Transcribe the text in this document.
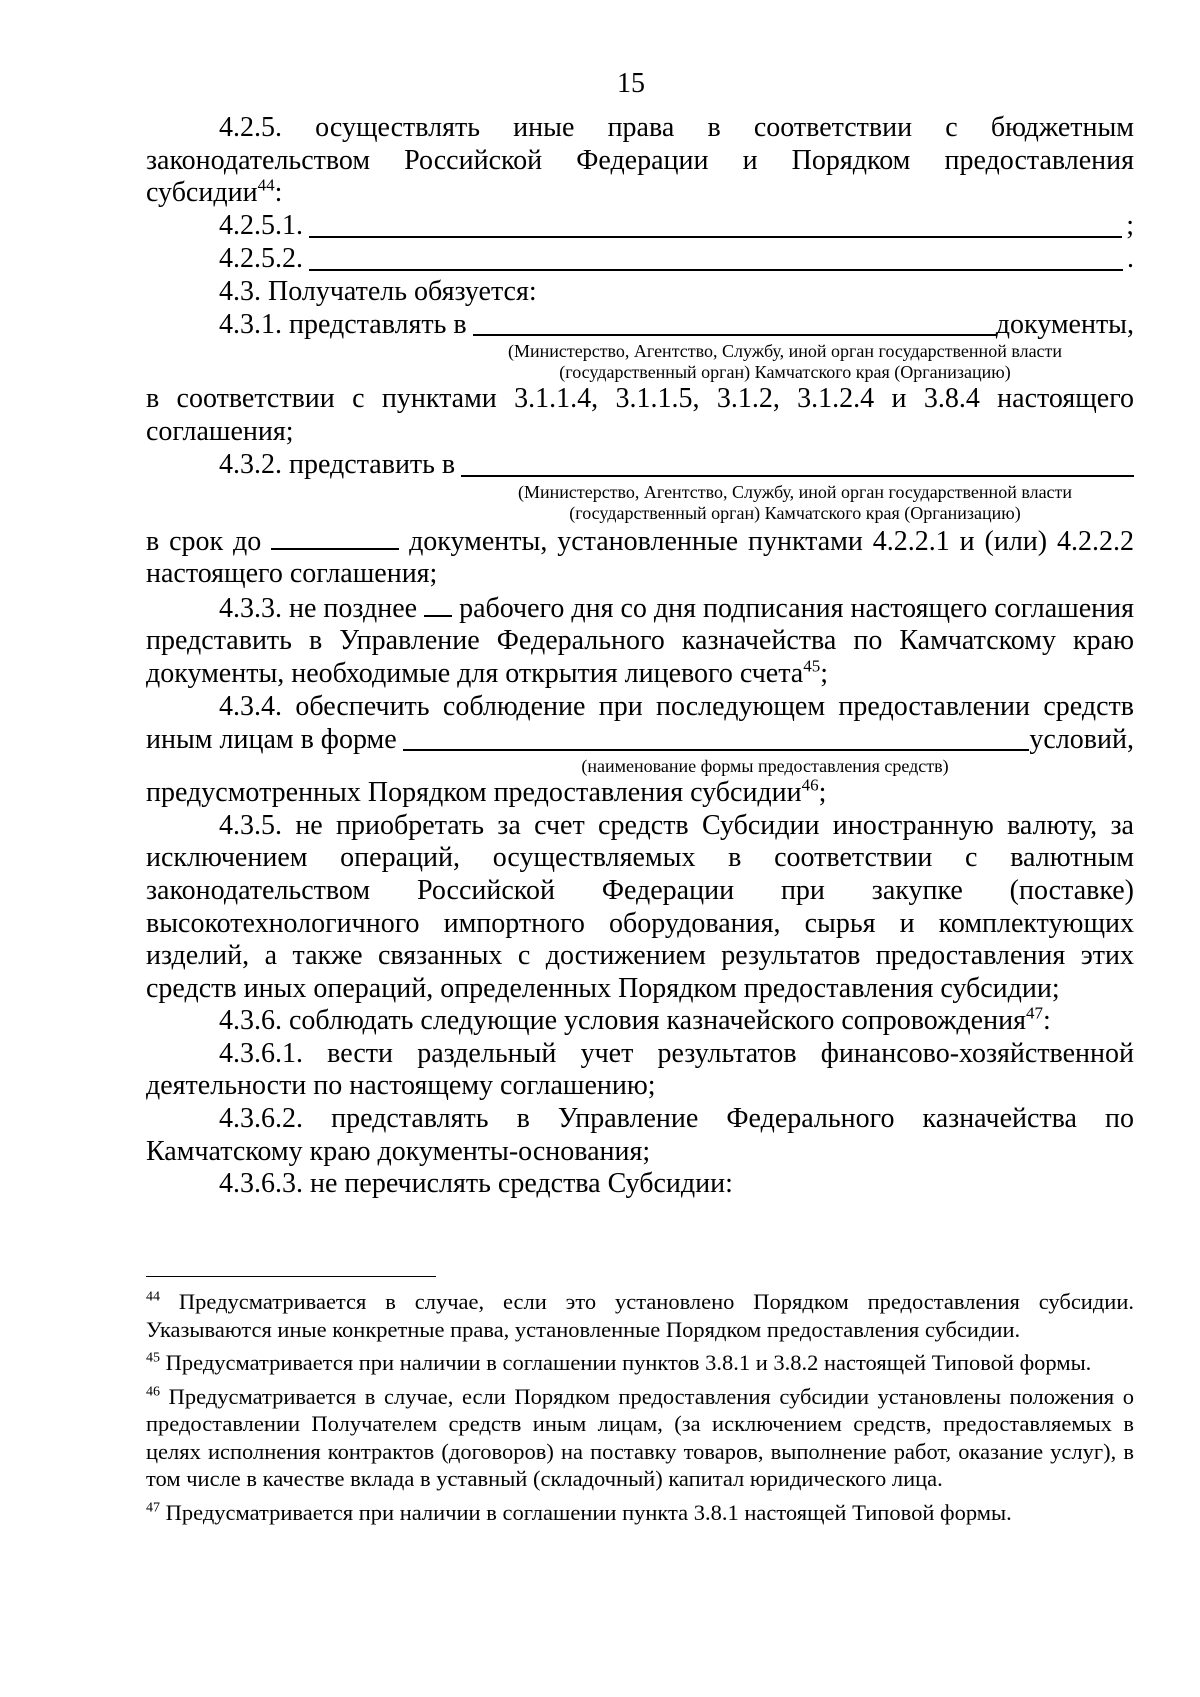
15

4.2.5. осуществлять иные права в соответствии с бюджетным законодательством Российской Федерации и Порядком предоставления субсидии$^{44}$:

4.2.5.1.	;
4.2.5.2.	.

4.3. Получатель обязуется:

4.3.1. представлять в	документы,
(Министерство, Агентство, Службу, иной орган государственной власти
(государственный орган) Камчатского края (Организацию)

в соответствии с пунктами 3.1.1.4, 3.1.1.5, 3.1.2, 3.1.2.4 и 3.8.4 настоящего соглашения;

4.3.2. представить в
(Министерство, Агентство, Службу, иной орган государственной власти
(государственный орган) Камчатского края (Организацию)

в срок до	документы, установленные пунктами 4.2.2.1 и (или) 4.2.2.2 настоящего соглашения;

4.3.3. не позднее рабочего дня со дня подписания настоящего соглашения представить в Управление Федерального казначейства по Камчатскому краю документы, необходимые для открытия лицевого счета$^{45}$;

4.3.4. обеспечить соблюдение при последующем предоставлении средств

иным лицам в форме	условий,
(наименование формы предоставления средств)

предусмотренных Порядком предоставления субсидии$^{46}$;

4.3.5. не приобретать за счет средств Субсидии иностранную валюту, за исключением операций, осуществляемых в соответствии с валютным законодательством Российской Федерации при закупке (поставке) высокотехнологичного импортного оборудования, сырья и комплектующих изделий, а также связанных с достижением результатов предоставления этих средств иных операций, определенных Порядком предоставления субсидии;

4.3.6. соблюдать следующие условия казначейского сопровождения$^{47}$:

4.3.6.1. вести раздельный учет результатов финансово-хозяйственной деятельности по настоящему соглашению;

4.3.6.2. представлять в Управление Федерального казначейства по Камчатскому краю документы-основания;

4.3.6.3. не перечислять средства Субсидии:

$^{44}$ Предусматривается в случае, если это установлено Порядком предоставления субсидии. Указываются иные конкретные права, установленные Порядком предоставления субсидии.

$^{45}$ Предусматривается при наличии в соглашении пунктов 3.8.1 и 3.8.2 настоящей Типовой формы.

$^{46}$ Предусматривается в случае, если Порядком предоставления субсидии установлены положения о предоставлении Получателем средств иным лицам, (за исключением средств, предоставляемых в целях исполнения контрактов (договоров) на поставку товаров, выполнение работ, оказание услуг), в том числе в качестве вклада в уставный (складочный) капитал юридического лица.

$^{47}$ Предусматривается при наличии в соглашении пункта 3.8.1 настоящей Типовой формы.
